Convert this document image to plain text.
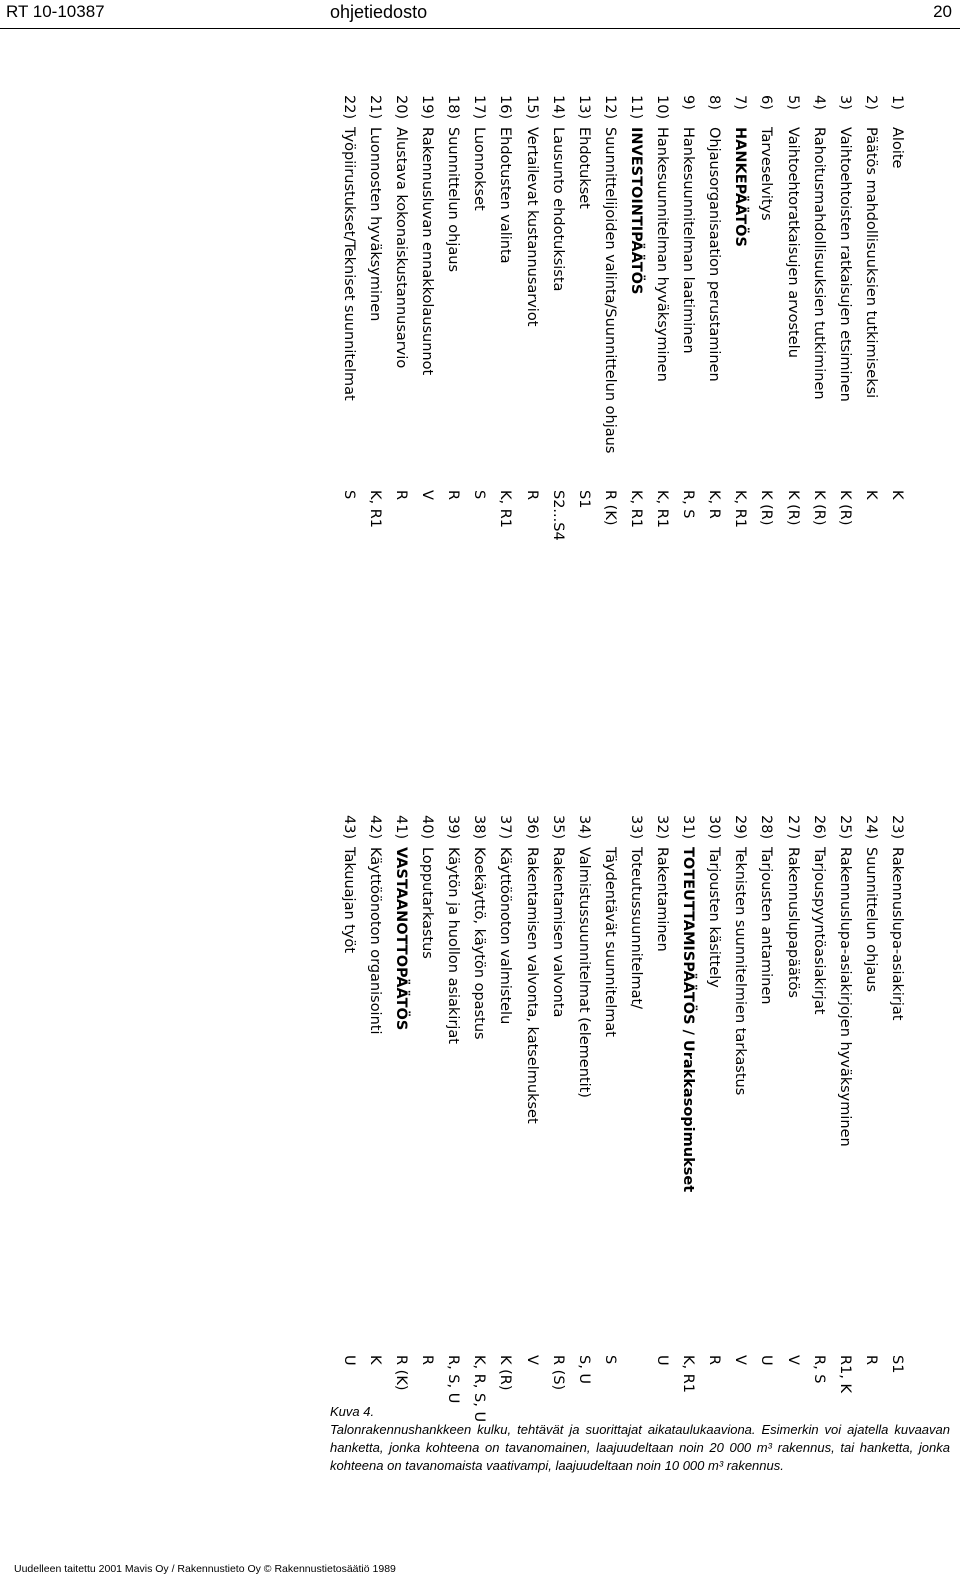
RT 10-10387	ohjetiedosto	20
1)
Aloite
K
2)
Päätös mahdollisuuksien tutkimiseksi
K
3)
Vaihtoehtoisten ratkaisujen etsiminen
K (R)
4)
Rahoitusmahdollisuuksien tutkiminen
K (R)
5)
Vaihtoehtoratkaisujen arvostelu
K (R)
6)
Tarveselvitys
K (R)
7)
HANKEPÄÄTÖS
K, R1
8)
Ohjausorganisaation perustaminen
K, R
9)
Hankesuunnitelman laatiminen
R, S
10)
Hankesuunnitelman hyväksyminen
K, R1
11)
INVESTOINTIPÄÄTÖS
K, R1
12)
Suunnittelijoiden valinta/Suunnittelun ohjaus
R (K)
13)
Ehdotukset
S1
14)
Lausunto ehdotuksista
S2...S4
15)
Vertailevat kustannusarviot
R
16)
Ehdotusten valinta
K, R1
17)
Luonnokset
S
18)
Suunnittelun ohjaus
R
19)
Rakennusluvan ennakkolausunnot
V
20)
Alustava kokonaiskustannusarvio
R
21)
Luonnosten hyväksyminen
K, R1
22)
Työpiirustukset/Tekniset suunnitelmat
S
23)
Rakennuslupa-asiakirjat
S1
24)
Suunnittelun ohjaus
R
25)
Rakennuslupa-asiakirjojen hyväksyminen
R1, K
26)
Tarjouspyyntöasiakirjat
R, S
27)
Rakennuslupapäätös
V
28)
Tarjousten antaminen
U
29)
Teknisten suunnitelmien tarkastus
V
30)
Tarjousten käsittely
R
31)
TOTEUTTAMISPÄÄTÖS / Urakkasopimukset
K, R1
32)
Rakentaminen
U
33)
Toteutussuunnitelmat/
Täydentävät suunnitelmat
S
34)
Valmistussuunnitelmat (elementit)
S, U
35)
Rakentamisen valvonta
R (S)
36)
Rakentamisen valvonta, katselmukset
V
37)
Käyttöönoton valmistelu
K (R)
38)
Koekäyttö, käytön opastus
K, R, S, U
39)
Käytön ja huollon asiakirjat
R, S, U
40)
Lopputarkastus
R
41)
VASTAANOTTOPÄÄTÖS
R (K)
42)
Käyttöönoton organisointi
K
43)
Takuuajan työt
U

Kuva 4.

Talonrakennushankkeen kulku, tehtävät ja suorittajat aikataulukaaviona. Esimerkin voi ajatella kuvaavan hanketta, jonka kohteena on tavanomainen, laajuudeltaan noin 20 000 m³ rakennus, tai hanketta, jonka kohteena on tavanomaista vaativampi, laajuudeltaan noin 10 000 m³ rakennus.

Uudelleen taitettu 2001 Mavis Oy / Rakennustieto Oy © Rakennustietosäätiö 1989
